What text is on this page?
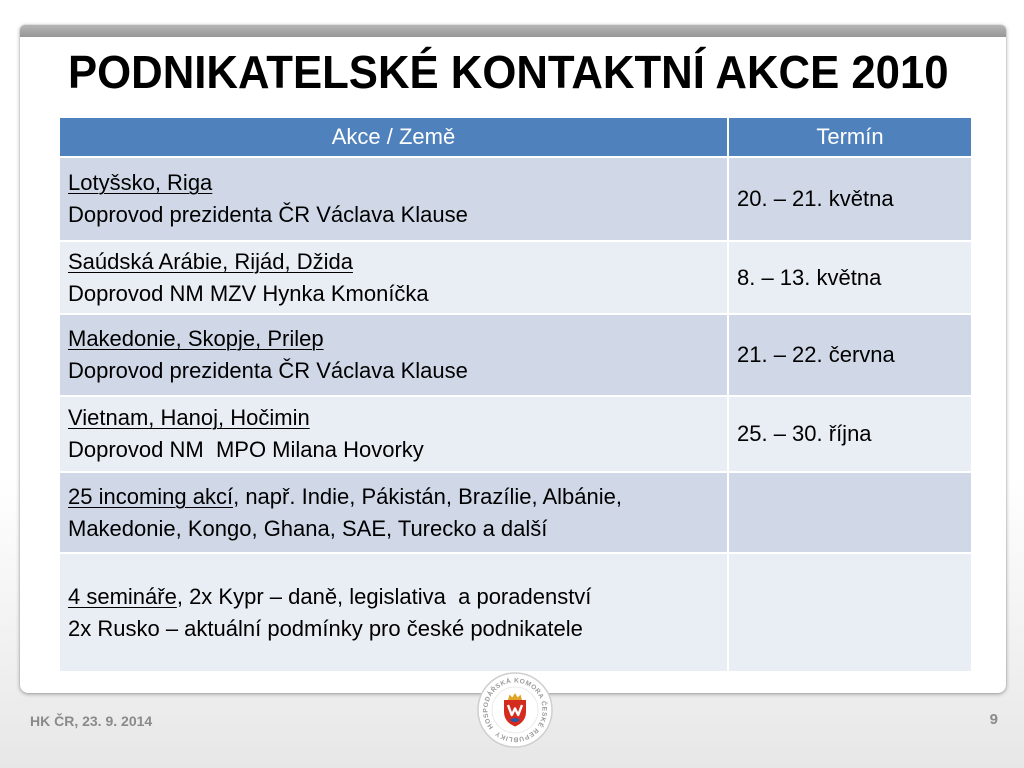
PODNIKATELSKÉ KONTAKTNÍ AKCE 2010
Akce / Země	Termín
Lotyšsko, Riga
Doprovod prezidenta ČR Václava Klause	20. – 21. května
Saúdská Arábie, Rijád, Džida
Doprovod NM MZV Hynka Kmoníčka	8. – 13. května
Makedonie, Skopje, Prilep
Doprovod prezidenta ČR Václava Klause	21. – 22. června
Vietnam, Hanoj, Hočimin
Doprovod NM  MPO Milana Hovorky	25. – 30. října
25 incoming akcí, např. Indie, Pákistán, Brazílie, Albánie,
Makedonie, Kongo, Ghana, SAE, Turecko a další	
4 semináře, 2x Kypr – daně, legislativa  a poradenství
2x Rusko – aktuální podmínky pro české podnikatele	
HOSPODÁŘSKÁ KOMORA ČESKÉ REPUBLIKY
HK ČR, 23. 9. 2014	9
